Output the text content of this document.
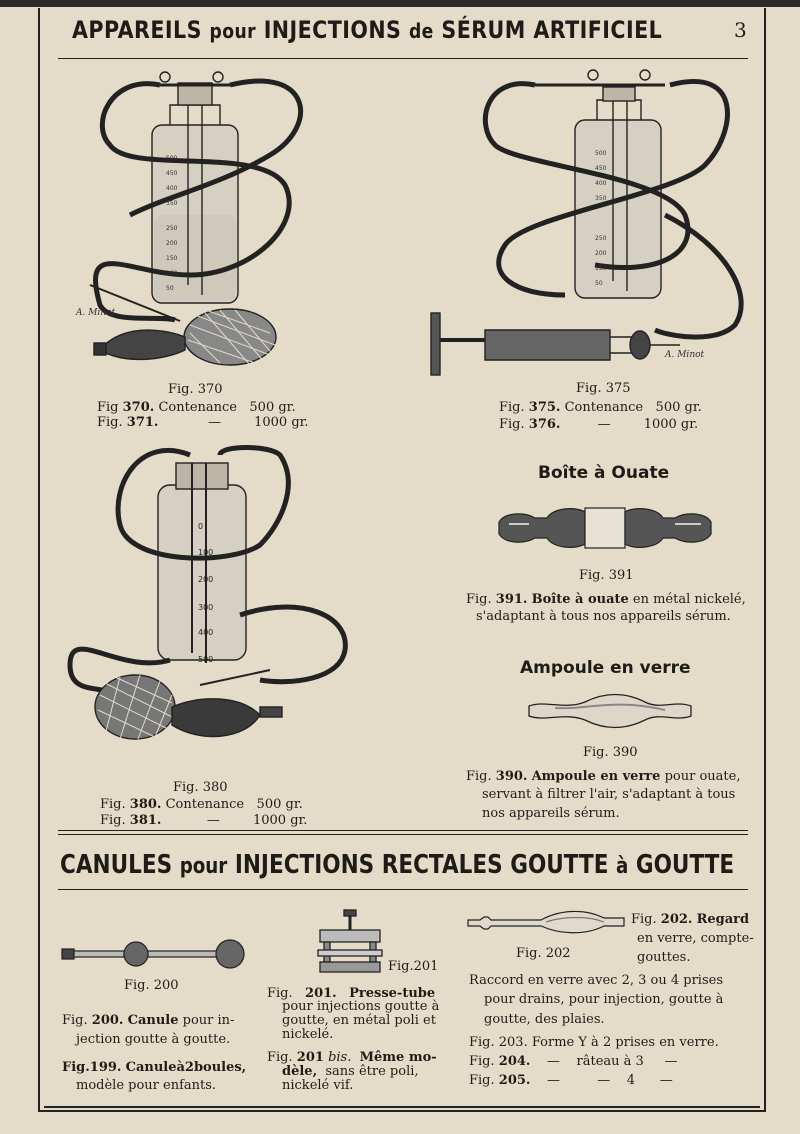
APPAREILS pour INJECTIONS de SÉRUM ARTIFICIEL	3
500
450
400
350
250
200
150
100
50
A. Minot
Fig. 370
Fig 370. Contenance 500 gr.
Fig. 371.	—	1000 gr.
500
450
400
350
250
200
150
50
A. Minot
Fig. 375
Fig. 375. Contenance 500 gr.
Fig. 376.	—	1000 gr.
0
100
200
300
400
500
Fig. 380
Fig. 380. Contenance 500 gr.
Fig. 381.	—	1000 gr.
Boîte à Ouate
Fig. 391
Fig. 391. Boîte à ouate en métal nickelé,
s'adaptant à tous nos appareils sérum.
Ampoule en verre
Fig. 390
Fig. 390. Ampoule en verre pour ouate,
servant à filtrer l'air, s'adaptant à tous
nos appareils sérum.
CANULES pour INJECTIONS RECTALES GOUTTE à GOUTTE
Fig. 200
Fig. 200. Canule pour in-
jection goutte à goutte.
Fig.199. Canuleà2boules,
modèle pour enfants.
Fig.201
Fig. 201. Presse-tube
pour injections goutte à
goutte, en métal poli et
nickelé.
Fig. 201 bis. Même mo-
dèle, sans être poli,
nickelé vif.
Fig. 202
Fig. 202. Regard
en verre, compte-
gouttes.
Raccord en verre avec 2, 3 ou 4 prises
pour drains, pour injection, goutte à
goutte, des plaies.
Fig. 203. Forme Y à 2 prises en verre.
Fig. 204. — râteau à 3 —
Fig. 205. —	— 4 —
